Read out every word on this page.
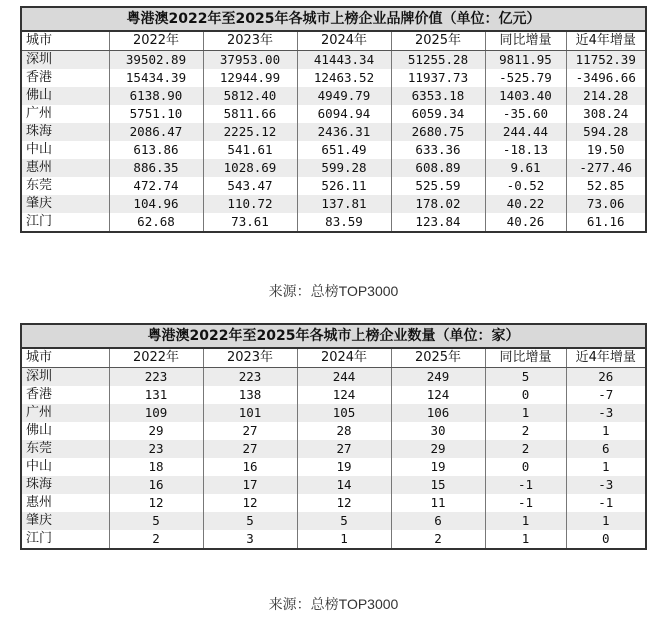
粤港澳2022年至2025年各城市上榜企业品牌价值（单位：亿元）
城市	2022年	2023年	2024年	2025年	同比增量	近4年增量
深圳	39502.89	37953.00	41443.34	51255.28	9811.95	11752.39
香港	15434.39	12944.99	12463.52	11937.73	-525.79	-3496.66
佛山	6138.90	5812.40	4949.79	6353.18	1403.40	214.28
广州	5751.10	5811.66	6094.94	6059.34	-35.60	308.24
珠海	2086.47	2225.12	2436.31	2680.75	244.44	594.28
中山	613.86	541.61	651.49	633.36	-18.13	19.50
惠州	886.35	1028.69	599.28	608.89	9.61	-277.46
东莞	472.74	543.47	526.11	525.59	-0.52	52.85
肇庆	104.96	110.72	137.81	178.02	40.22	73.06
江门	62.68	73.61	83.59	123.84	40.26	61.16
来源：总榜TOP3000
粤港澳2022年至2025年各城市上榜企业数量（单位：家）
城市	2022年	2023年	2024年	2025年	同比增量	近4年增量
深圳	223	223	244	249	5	26
香港	131	138	124	124	0	-7
广州	109	101	105	106	1	-3
佛山	29	27	28	30	2	1
东莞	23	27	27	29	2	6
中山	18	16	19	19	0	1
珠海	16	17	14	15	-1	-3
惠州	12	12	12	11	-1	-1
肇庆	5	5	5	6	1	1
江门	2	3	1	2	1	0
来源：总榜TOP3000
